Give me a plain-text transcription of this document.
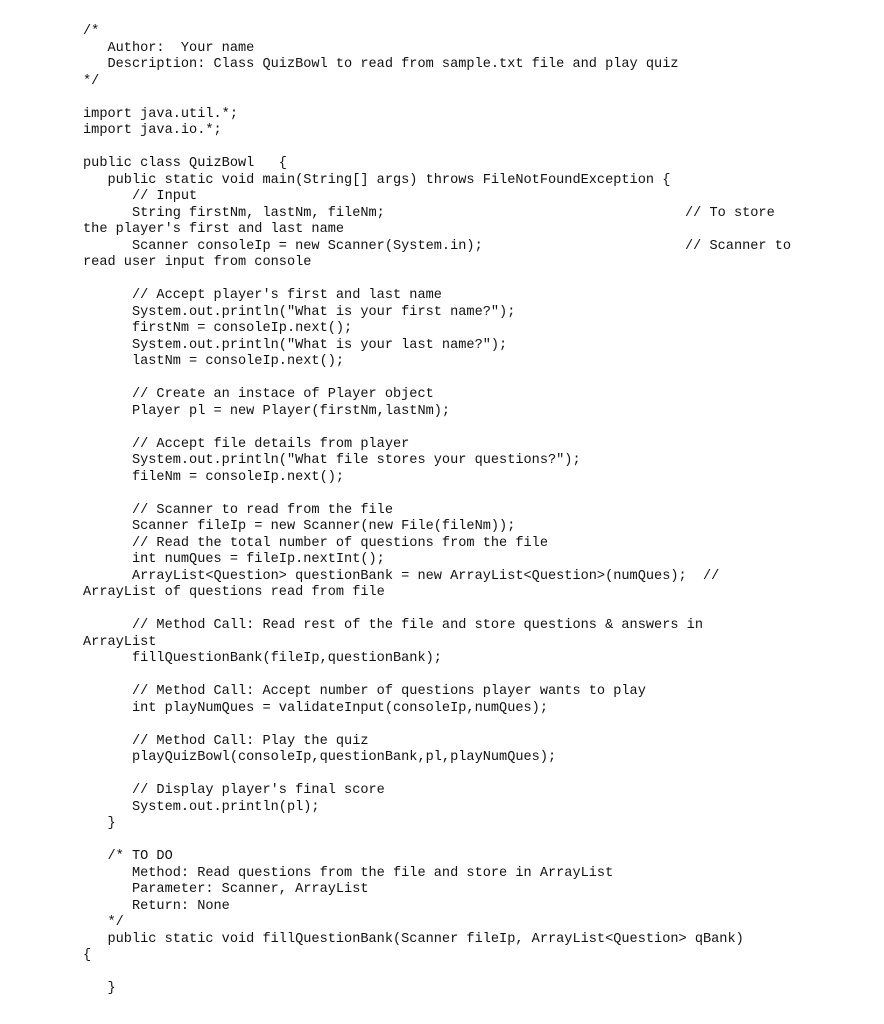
/*
Author:  Your name
Description: Class QuizBowl to read from sample.txt file and play quiz
*/
import java.util.*;
import java.io.*;
public class QuizBowl   {
public static void main(String[] args) throws FileNotFoundException {
// Input
String firstNm, lastNm, fileNm;	// To store
the player's first and last name
Scanner consoleIp = new Scanner(System.in);	// Scanner to
read user input from console
// Accept player's first and last name
System.out.println("What is your first name?");
firstNm = consoleIp.next();
System.out.println("What is your last name?");
lastNm = consoleIp.next();
// Create an instace of Player object
Player pl = new Player(firstNm,lastNm);
// Accept file details from player
System.out.println("What file stores your questions?");
fileNm = consoleIp.next();
// Scanner to read from the file
Scanner fileIp = new Scanner(new File(fileNm));
// Read the total number of questions from the file
int numQues = fileIp.nextInt();
ArrayList<Question> questionBank = new ArrayList<Question>(numQues);  //
ArrayList of questions read from file
// Method Call: Read rest of the file and store questions & answers in
ArrayList
fillQuestionBank(fileIp,questionBank);
// Method Call: Accept number of questions player wants to play
int playNumQues = validateInput(consoleIp,numQues);
// Method Call: Play the quiz
playQuizBowl(consoleIp,questionBank,pl,playNumQues);
// Display player's final score
System.out.println(pl);
}
/* TO DO
Method: Read questions from the file and store in ArrayList
Parameter: Scanner, ArrayList
Return: None
*/
public static void fillQuestionBank(Scanner fileIp, ArrayList<Question> qBank)
{
}
